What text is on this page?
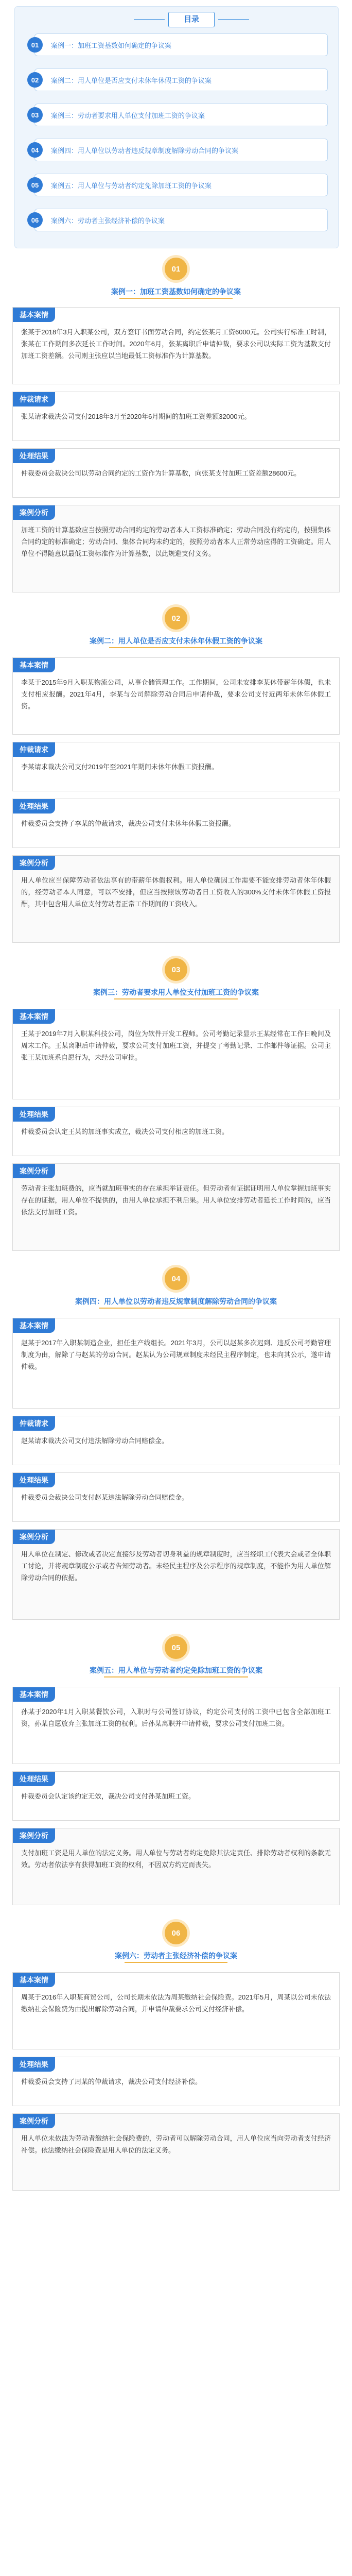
目录
01	案例一：加班工资基数如何确定的争议案
02	案例二：用人单位是否应支付未休年休假工资的争议案
03	案例三：劳动者要求用人单位支付加班工资的争议案
04	案例四：用人单位以劳动者违反规章制度解除劳动合同的争议案
05	案例五：用人单位与劳动者约定免除加班工资的争议案
06	案例六：劳动者主张经济补偿的争议案
01
案例一：加班工资基数如何确定的争议案
基本案情
张某于2018年3月入职某公司，双方签订书面劳动合同，约定张某月工资6000元。公司实行标准工时制，张某在工作期间多次延长工作时间。2020年6月，张某离职后申请仲裁，要求公司以实际工资为基数支付加班工资差额。公司则主张应以当地最低工资标准作为计算基数。
仲裁请求
张某请求裁决公司支付2018年3月至2020年6月期间的加班工资差额32000元。
处理结果
仲裁委员会裁决公司以劳动合同约定的工资作为计算基数，向张某支付加班工资差额28600元。
案例分析
加班工资的计算基数应当按照劳动合同约定的劳动者本人工资标准确定；劳动合同没有约定的，按照集体合同约定的标准确定；劳动合同、集体合同均未约定的，按照劳动者本人正常劳动应得的工资确定。用人单位不得随意以最低工资标准作为计算基数，以此规避支付义务。
02
案例二：用人单位是否应支付未休年休假工资的争议案
基本案情
李某于2015年9月入职某物流公司，从事仓储管理工作。工作期间，公司未安排李某休带薪年休假，也未支付相应报酬。2021年4月，李某与公司解除劳动合同后申请仲裁，要求公司支付近两年未休年休假工资。
仲裁请求
李某请求裁决公司支付2019年至2021年期间未休年休假工资报酬。
处理结果
仲裁委员会支持了李某的仲裁请求，裁决公司支付未休年休假工资报酬。
案例分析
用人单位应当保障劳动者依法享有的带薪年休假权利。用人单位确因工作需要不能安排劳动者休年休假的，经劳动者本人同意，可以不安排，但应当按照该劳动者日工资收入的300%支付未休年休假工资报酬，其中包含用人单位支付劳动者正常工作期间的工资收入。
03
案例三：劳动者要求用人单位支付加班工资的争议案
基本案情
王某于2019年7月入职某科技公司，岗位为软件开发工程师。公司考勤记录显示王某经常在工作日晚间及周末工作。王某离职后申请仲裁，要求公司支付加班工资，并提交了考勤记录、工作邮件等证据。公司主张王某加班系自愿行为，未经公司审批。
处理结果
仲裁委员会认定王某的加班事实成立，裁决公司支付相应的加班工资。
案例分析
劳动者主张加班费的，应当就加班事实的存在承担举证责任。但劳动者有证据证明用人单位掌握加班事实存在的证据，用人单位不提供的，由用人单位承担不利后果。用人单位安排劳动者延长工作时间的，应当依法支付加班工资。
04
案例四：用人单位以劳动者违反规章制度解除劳动合同的争议案
基本案情
赵某于2017年入职某制造企业，担任生产线组长。2021年3月，公司以赵某多次迟到、违反公司考勤管理制度为由，解除了与赵某的劳动合同。赵某认为公司规章制度未经民主程序制定，也未向其公示，遂申请仲裁。
仲裁请求
赵某请求裁决公司支付违法解除劳动合同赔偿金。
处理结果
仲裁委员会裁决公司支付赵某违法解除劳动合同赔偿金。
案例分析
用人单位在制定、修改或者决定直接涉及劳动者切身利益的规章制度时，应当经职工代表大会或者全体职工讨论，并将规章制度公示或者告知劳动者。未经民主程序及公示程序的规章制度，不能作为用人单位解除劳动合同的依据。
05
案例五：用人单位与劳动者约定免除加班工资的争议案
基本案情
孙某于2020年1月入职某餐饮公司，入职时与公司签订协议，约定公司支付的工资中已包含全部加班工资，孙某自愿放弃主张加班工资的权利。后孙某离职并申请仲裁，要求公司支付加班工资。
处理结果
仲裁委员会认定该约定无效，裁决公司支付孙某加班工资。
案例分析
支付加班工资是用人单位的法定义务。用人单位与劳动者约定免除其法定责任、排除劳动者权利的条款无效。劳动者依法享有获得加班工资的权利，不因双方约定而丧失。
06
案例六：劳动者主张经济补偿的争议案
基本案情
周某于2016年入职某商贸公司，公司长期未依法为周某缴纳社会保险费。2021年5月，周某以公司未依法缴纳社会保险费为由提出解除劳动合同，并申请仲裁要求公司支付经济补偿。
处理结果
仲裁委员会支持了周某的仲裁请求，裁决公司支付经济补偿。
案例分析
用人单位未依法为劳动者缴纳社会保险费的，劳动者可以解除劳动合同，用人单位应当向劳动者支付经济补偿。依法缴纳社会保险费是用人单位的法定义务。
